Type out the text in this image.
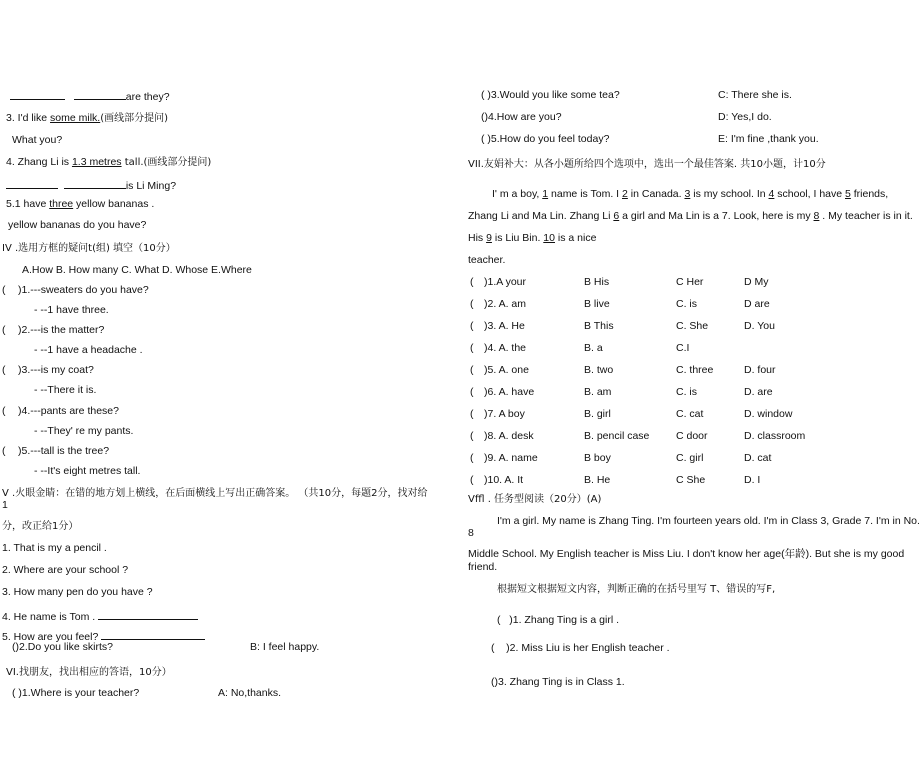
are they?
3. I'd like some milk.(画线部分提问)
What you?
4. Zhang Li is 1.3 metres tall.(画线部分提问)
is Li Ming?
5.1 have three yellow bananas .
yellow bananas do you have?
IV .选用方框的疑问t(组) 填空（10分）
A.How B. How many C. What D. Whose E.Where
( )1.---sweaters do you have?
- --1 have three.
( )2.---is the matter?
- --1 have a headache .
( )3.---is my coat?
- --There it is.
( )4.---pants are these?
- --They' re my pants.
( )5.---tall is the tree?
- --It's eight metres tall.
V .火眼金睛：在错的地方划上横线，在后面横线上写出正确答案。 （共10分，每题2分，找对给
1
分，改正给1分）
1. That is my a pencil .
2. Where are your school ?
3. How many pen do you have ?
4. He name is Tom .
5. How are you feel?
()2.Do you like skirts?	B: I feel happy.
VI.找朋友，找出相应的答语，10分）
( )1.Where is your teacher?	A: No,thanks.
( )3.Would you like some tea?	C: There she is.
()4.How are you?	D: Yes,I do.
( )5.How do you feel today?	E: I'm fine ,thank you.
VII.友娟补大：从各小题所给四个选项中，选出一个最佳答案. 共10小题，计10分
I' m a boy, 1 name is Tom. I 2 in Canada. 3 is my school. In 4 school, I have 5 friends,
Zhang Li and Ma Lin. Zhang Li 6 a girl and Ma Lin is a 7. Look, here is my 8 . My teacher is in it.
His 9 is Liu Bin. 10 is a nice
teacher.
( )1.A your	B His	C Her	D My
( )2. A. am	B live	C. is	D are
( )3. A. He	B This	C. She	D. You
( )4. A. the	B. a	C.I
( )5. A. one	B. two	C. three	D. four
( )6. A. have	B. am	C. is	D. are
( )7. A boy	B. girl	C. cat	D. window
( )8. A. desk	B. pencil case	C door	D. classroom
( )9. A. name	B boy	C. girl	D. cat
( )10. A. It	B. He	C She	D. I
Vffl . 任务型阅读（20分）(A)
I'm a girl. My name is Zhang Ting. I'm fourteen years old. I'm in Class 3, Grade 7. I'm in No.
8
Middle School. My English teacher is Miss Liu. I don't know her age(年龄). But she is my good friend.
根据短文根据短文内容，判断正确的在括号里写 T、错误的写F,
( )1. Zhang Ting is a girl .
( )2. Miss Liu is her English teacher .
()3. Zhang Ting is in Class 1.
